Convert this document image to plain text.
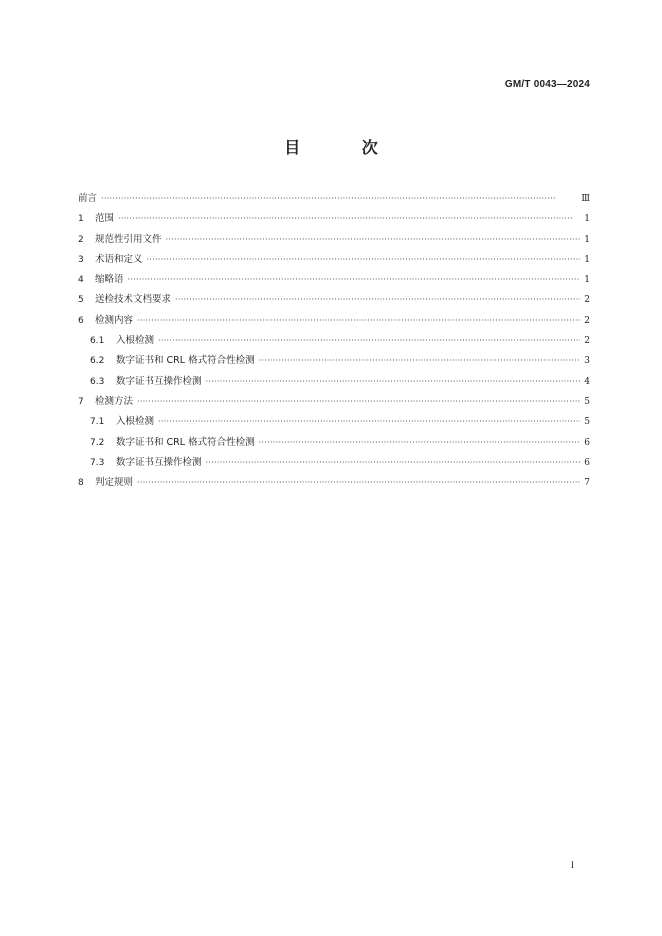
GM/T 0043—2024
目 次
前言 ·····	Ⅲ
1	范围 ·····	1
2	规范性引用文件 ·····	1
3	术语和定义 ·····	1
4	缩略语 ·····	1
5	送检技术文档要求 ·····	2
6	检测内容 ·····	2
6.1	入根检测 ·····	2
6.2	数字证书和 CRL 格式符合性检测 ·····	3
6.3	数字证书互操作检测 ·····	4
7	检测方法 ·····	5
7.1	入根检测 ·····	5
7.2	数字证书和 CRL 格式符合性检测 ·····	6
7.3	数字证书互操作检测 ·····	6
8	判定规则 ·····	7
I
